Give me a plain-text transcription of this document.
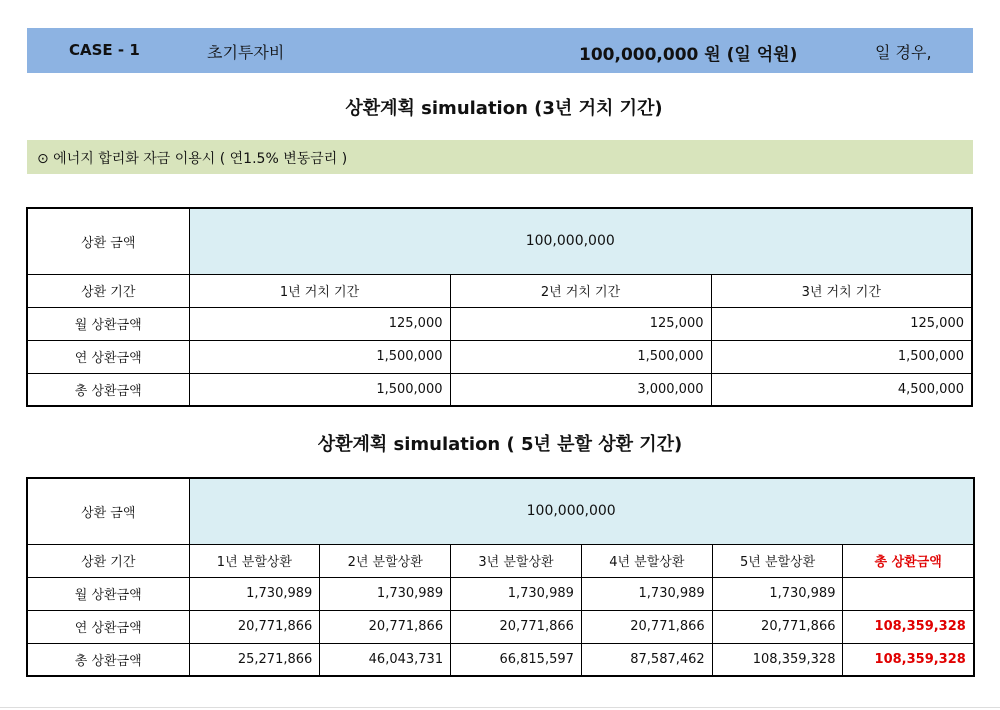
CASE - 1	초기투자비	100,000,000 원 (일 억원)	일 경우,
상환계획 simulation (3년 거치 기간)
⊙ 에너지 합리화 자금 이용시 ( 연1.5% 변동금리 )
상환 금액	100,000,000		
상환 기간	1년 거치 기간	2년 거치 기간	3년 거치 기간
월 상환금액	125,000	125,000	125,000
연 상환금액	1,500,000	1,500,000	1,500,000
총 상환금액	1,500,000	3,000,000	4,500,000
상환계획 simulation ( 5년 분할 상환 기간)
상환 금액	100,000,000					
상환 기간	1년 분할상환	2년 분할상환	3년 분할상환	4년 분할상환	5년 분할상환	총 상환금액
월 상환금액	1,730,989	1,730,989	1,730,989	1,730,989	1,730,989	
연 상환금액	20,771,866	20,771,866	20,771,866	20,771,866	20,771,866	108,359,328
총 상환금액	25,271,866	46,043,731	66,815,597	87,587,462	108,359,328	108,359,328
